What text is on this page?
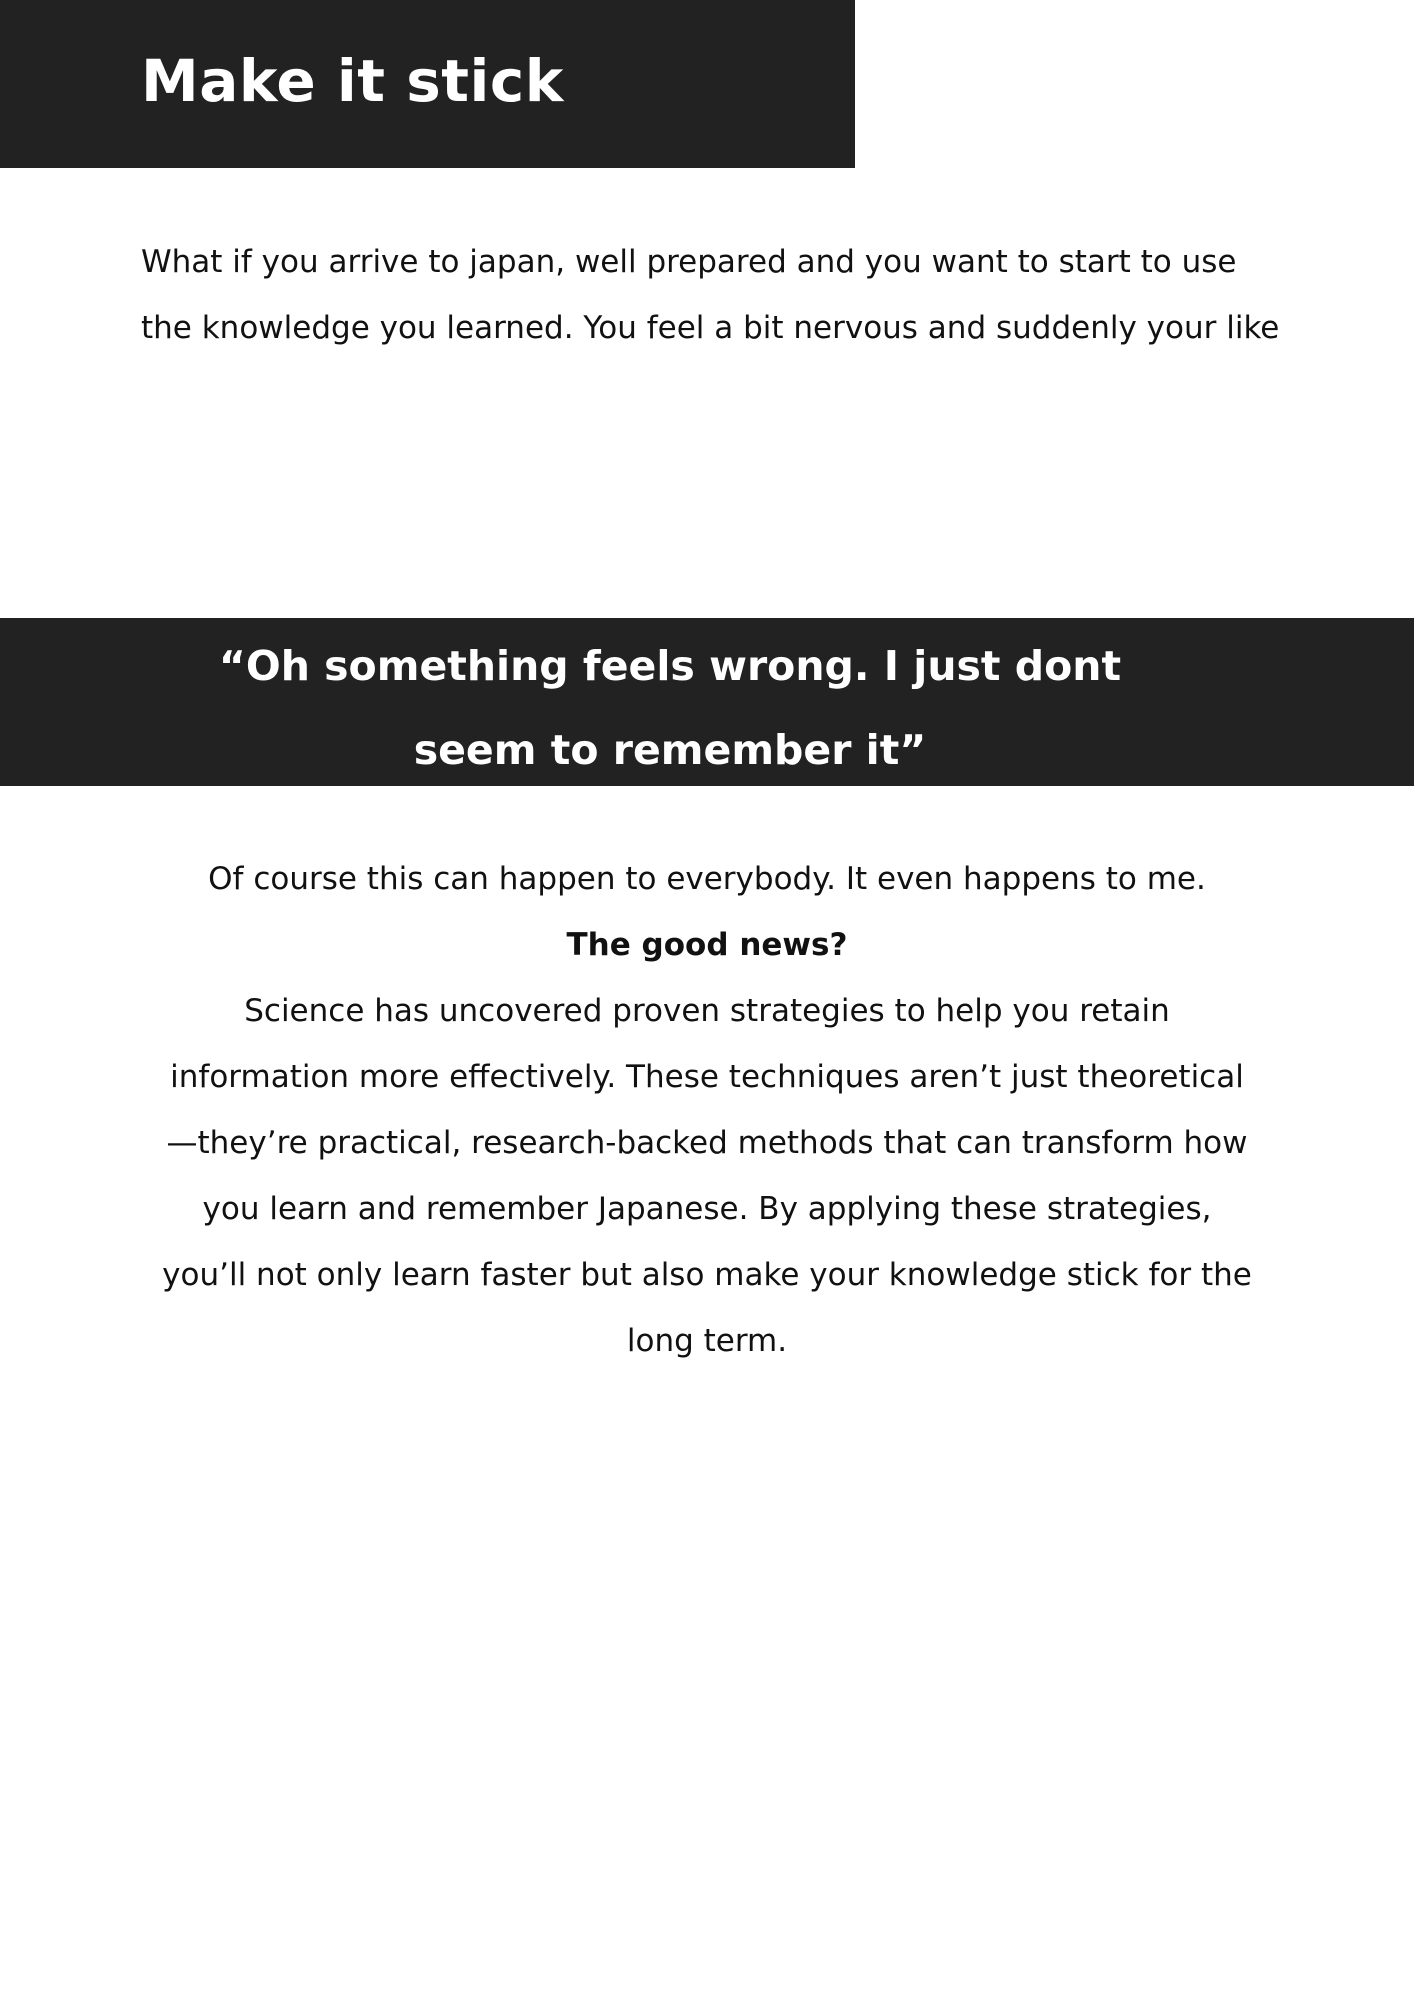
Make it stick

What if you arrive to japan, well prepared and you want to start to use the knowledge you learned. You feel a bit nervous and suddenly your like

“Oh something feels wrong. I just dont seem to remember it”

Of course this can happen to everybody. It even happens to me.

The good news?

Science has uncovered proven strategies to help you retain information more effectively. These techniques aren’t just theoretical—they’re practical, research-backed methods that can transform how you learn and remember Japanese. By applying these strategies, you’ll not only learn faster but also make your knowledge stick for the long term.
